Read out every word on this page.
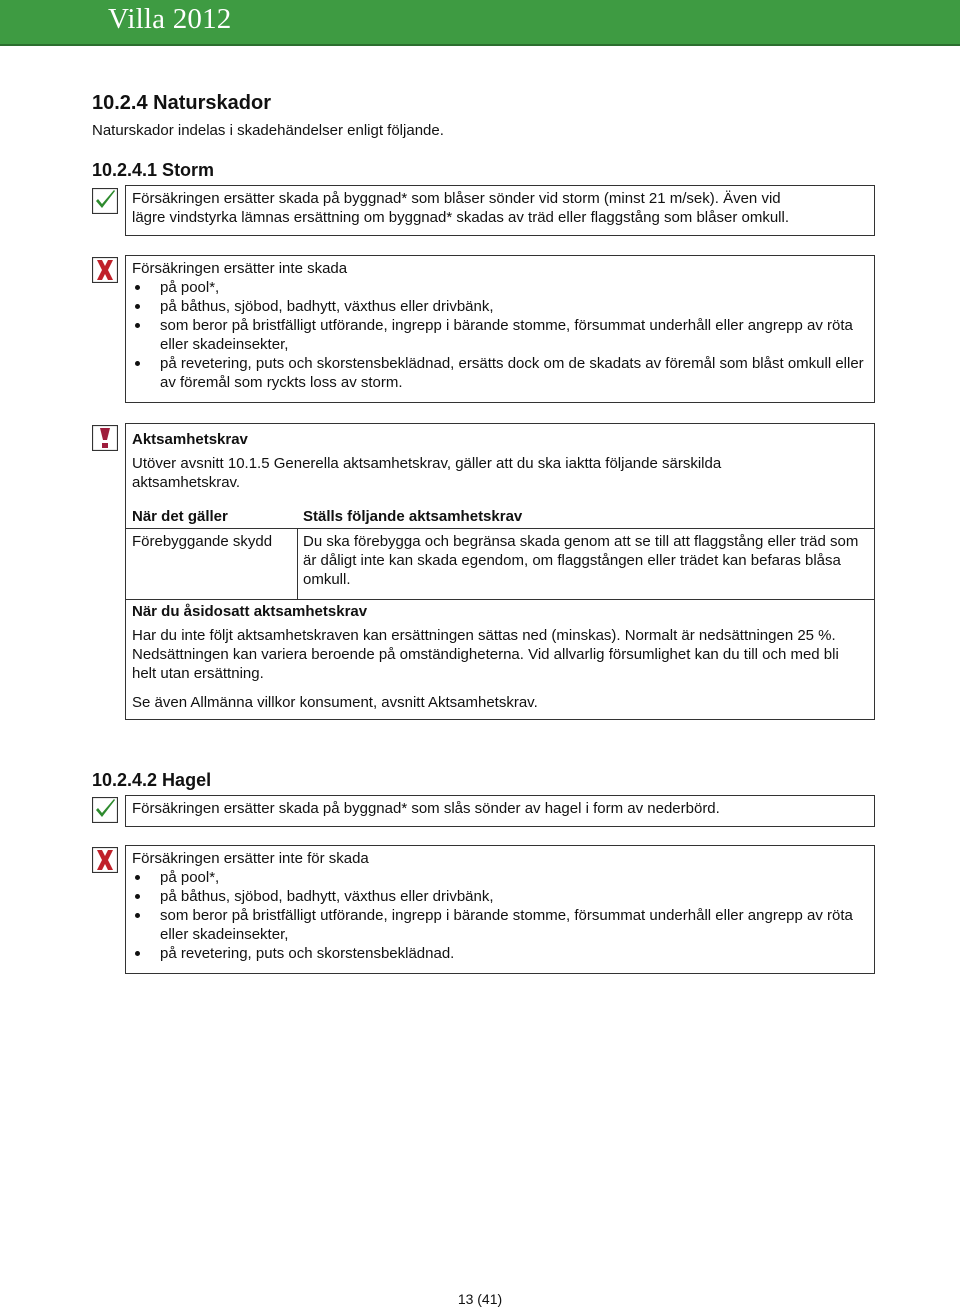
Villa 2012
10.2.4 Naturskador
Naturskador indelas i skadehändelser enligt följande.
10.2.4.1 Storm
Försäkringen ersätter skada på byggnad* som blåser sönder vid storm (minst 21 m/sek). Även vid
lägre vindstyrka lämnas ersättning om byggnad* skadas av träd eller flaggstång som blåser omkull.
Försäkringen ersätter inte skada
på pool*,
på båthus, sjöbod, badhytt, växthus eller drivbänk,
som beror på bristfälligt utförande, ingrepp i bärande stomme, försummat underhåll eller angrepp av röta eller skadeinsekter,
på revetering, puts och skorstensbeklädnad, ersätts dock om de skadats av föremål som blåst omkull eller av föremål som ryckts loss av storm.
Aktsamhetskrav
Utöver avsnitt 10.1.5 Generella aktsamhetskrav, gäller att du ska iaktta följande särskilda aktsamhetskrav.
När det gäller	Ställs följande aktsamhetskrav
Förebyggande skydd Du ska förebygga och begränsa skada genom att se till att flaggstång eller träd som är dåligt inte kan skada egendom, om flaggstången eller trädet kan befaras blåsa omkull.
När du åsidosatt aktsamhetskrav
Har du inte följt aktsamhetskraven kan ersättningen sättas ned (minskas). Normalt är nedsättningen 25 %. Nedsättningen kan variera beroende på omständigheterna. Vid allvarlig försumlighet kan du till och med bli helt utan ersättning.
Se även Allmänna villkor konsument, avsnitt Aktsamhetskrav.
10.2.4.2 Hagel
Försäkringen ersätter skada på byggnad* som slås sönder av hagel i form av nederbörd.
Försäkringen ersätter inte för skada
på pool*,
på båthus, sjöbod, badhytt, växthus eller drivbänk,
som beror på bristfälligt utförande, ingrepp i bärande stomme, försummat underhåll eller angrepp av röta eller skadeinsekter,
på revetering, puts och skorstensbeklädnad.
13 (41)
